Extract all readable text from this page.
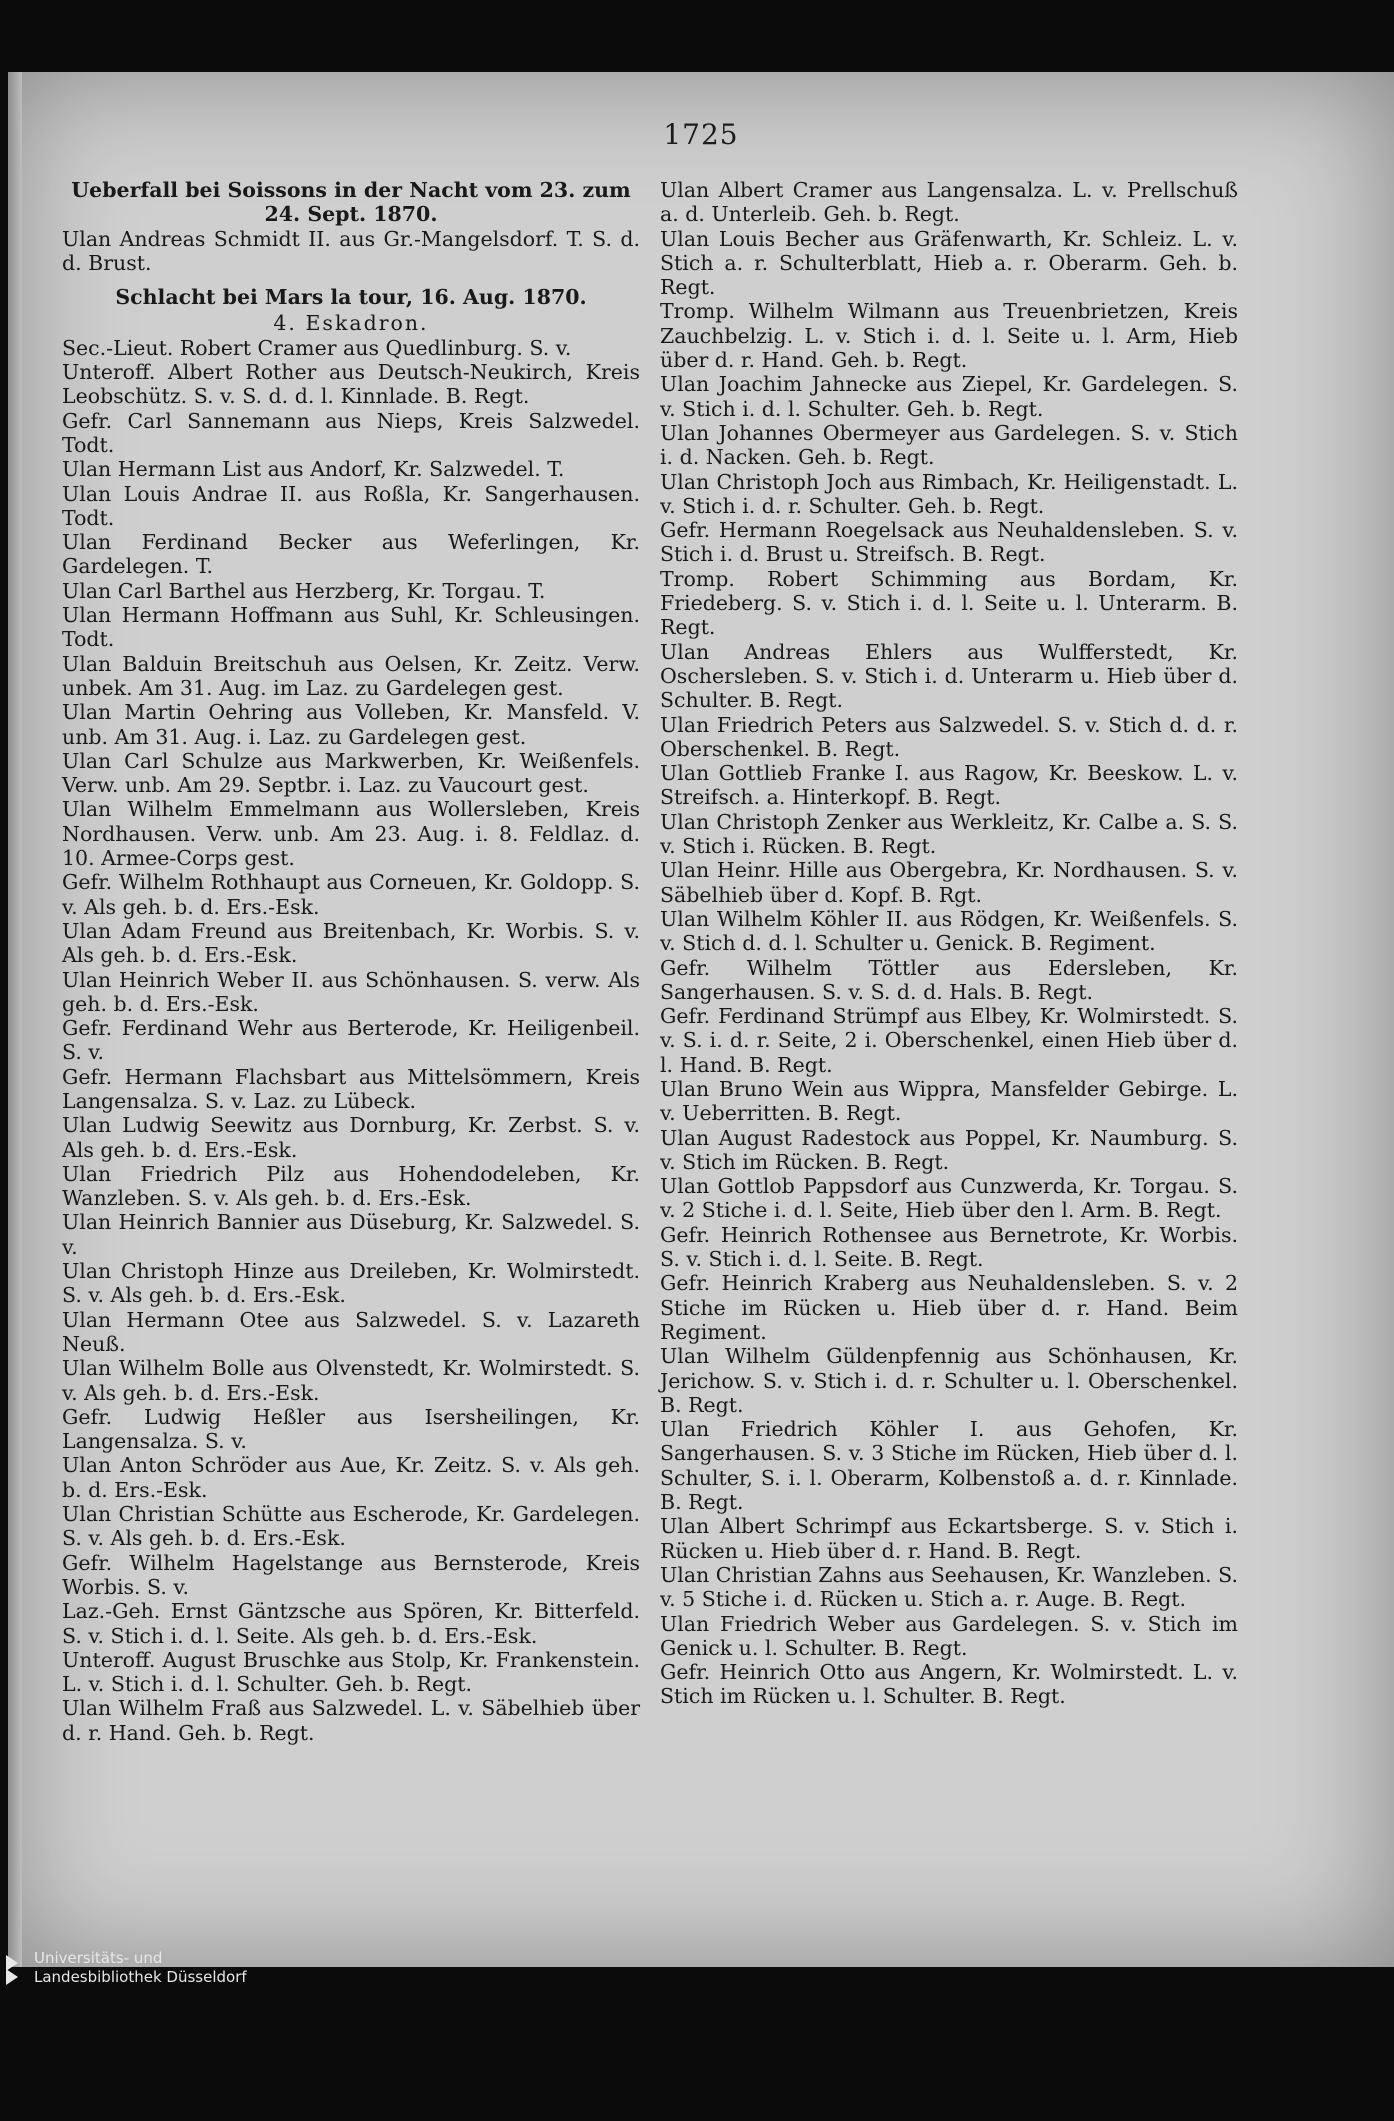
1725
Ueberfall bei Soissons in der Nacht vom 23. zum 24. Sept. 1870.
Ulan Andreas Schmidt II. aus Gr.-Mangelsdorf. T. S. d. d. Brust.
Schlacht bei Mars la tour, 16. Aug. 1870.
4. Eskadron.
Sec.-Lieut. Robert Cramer aus Quedlinburg. S. v.
Unteroff. Albert Rother aus Deutsch-Neukirch, Kreis Leobschütz. S. v. S. d. d. l. Kinnlade. B. Regt.
Gefr. Carl Sannemann aus Nieps, Kreis Salzwedel. Todt.
Ulan Hermann List aus Andorf, Kr. Salzwedel. T.
Ulan Louis Andrae II. aus Roßla, Kr. Sangerhausen. Todt.
Ulan Ferdinand Becker aus Weferlingen, Kr. Gardelegen. T.
Ulan Carl Barthel aus Herzberg, Kr. Torgau. T.
Ulan Hermann Hoffmann aus Suhl, Kr. Schleusingen. Todt.
Ulan Balduin Breitschuh aus Oelsen, Kr. Zeitz. Verw. unbek. Am 31. Aug. im Laz. zu Gardelegen gest.
Ulan Martin Oehring aus Volleben, Kr. Mansfeld. V. unb. Am 31. Aug. i. Laz. zu Gardelegen gest.
Ulan Carl Schulze aus Markwerben, Kr. Weißenfels. Verw. unb. Am 29. Septbr. i. Laz. zu Vaucourt gest.
Ulan Wilhelm Emmelmann aus Wollersleben, Kreis Nordhausen. Verw. unb. Am 23. Aug. i. 8. Feldlaz. d. 10. Armee-Corps gest.
Gefr. Wilhelm Rothhaupt aus Corneuen, Kr. Goldopp. S. v. Als geh. b. d. Ers.-Esk.
Ulan Adam Freund aus Breitenbach, Kr. Worbis. S. v. Als geh. b. d. Ers.-Esk.
Ulan Heinrich Weber II. aus Schönhausen. S. verw. Als geh. b. d. Ers.-Esk.
Gefr. Ferdinand Wehr aus Berterode, Kr. Heiligenbeil. S. v.
Gefr. Hermann Flachsbart aus Mittelsömmern, Kreis Langensalza. S. v. Laz. zu Lübeck.
Ulan Ludwig Seewitz aus Dornburg, Kr. Zerbst. S. v. Als geh. b. d. Ers.-Esk.
Ulan Friedrich Pilz aus Hohendodeleben, Kr. Wanzleben. S. v. Als geh. b. d. Ers.-Esk.
Ulan Heinrich Bannier aus Düseburg, Kr. Salzwedel. S. v.
Ulan Christoph Hinze aus Dreileben, Kr. Wolmirstedt. S. v. Als geh. b. d. Ers.-Esk.
Ulan Hermann Otee aus Salzwedel. S. v. Lazareth Neuß.
Ulan Wilhelm Bolle aus Olvenstedt, Kr. Wolmirstedt. S. v. Als geh. b. d. Ers.-Esk.
Gefr. Ludwig Heßler aus Isersheilingen, Kr. Langensalza. S. v.
Ulan Anton Schröder aus Aue, Kr. Zeitz. S. v. Als geh. b. d. Ers.-Esk.
Ulan Christian Schütte aus Escherode, Kr. Gardelegen. S. v. Als geh. b. d. Ers.-Esk.
Gefr. Wilhelm Hagelstange aus Bernsterode, Kreis Worbis. S. v.
Laz.-Geh. Ernst Gäntzsche aus Spören, Kr. Bitterfeld. S. v. Stich i. d. l. Seite. Als geh. b. d. Ers.-Esk.
Unteroff. August Bruschke aus Stolp, Kr. Frankenstein. L. v. Stich i. d. l. Schulter. Geh. b. Regt.
Ulan Wilhelm Fraß aus Salzwedel. L. v. Säbelhieb über d. r. Hand. Geh. b. Regt.
Ulan Albert Cramer aus Langensalza. L. v. Prellschuß a. d. Unterleib. Geh. b. Regt.
Ulan Louis Becher aus Gräfenwarth, Kr. Schleiz. L. v. Stich a. r. Schulterblatt, Hieb a. r. Oberarm. Geh. b. Regt.
Tromp. Wilhelm Wilmann aus Treuenbrietzen, Kreis Zauchbelzig. L. v. Stich i. d. l. Seite u. l. Arm, Hieb über d. r. Hand. Geh. b. Regt.
Ulan Joachim Jahnecke aus Ziepel, Kr. Gardelegen. S. v. Stich i. d. l. Schulter. Geh. b. Regt.
Ulan Johannes Obermeyer aus Gardelegen. S. v. Stich i. d. Nacken. Geh. b. Regt.
Ulan Christoph Joch aus Rimbach, Kr. Heiligenstadt. L. v. Stich i. d. r. Schulter. Geh. b. Regt.
Gefr. Hermann Roegelsack aus Neuhaldensleben. S. v. Stich i. d. Brust u. Streifsch. B. Regt.
Tromp. Robert Schimming aus Bordam, Kr. Friedeberg. S. v. Stich i. d. l. Seite u. l. Unterarm. B. Regt.
Ulan Andreas Ehlers aus Wulfferstedt, Kr. Oschersleben. S. v. Stich i. d. Unterarm u. Hieb über d. Schulter. B. Regt.
Ulan Friedrich Peters aus Salzwedel. S. v. Stich d. d. r. Oberschenkel. B. Regt.
Ulan Gottlieb Franke I. aus Ragow, Kr. Beeskow. L. v. Streifsch. a. Hinterkopf. B. Regt.
Ulan Christoph Zenker aus Werkleitz, Kr. Calbe a. S. S. v. Stich i. Rücken. B. Regt.
Ulan Heinr. Hille aus Obergebra, Kr. Nordhausen. S. v. Säbelhieb über d. Kopf. B. Rgt.
Ulan Wilhelm Köhler II. aus Rödgen, Kr. Weißenfels. S. v. Stich d. d. l. Schulter u. Genick. B. Regiment.
Gefr. Wilhelm Töttler aus Edersleben, Kr. Sangerhausen. S. v. S. d. d. Hals. B. Regt.
Gefr. Ferdinand Strümpf aus Elbey, Kr. Wolmirstedt. S. v. S. i. d. r. Seite, 2 i. Oberschenkel, einen Hieb über d. l. Hand. B. Regt.
Ulan Bruno Wein aus Wippra, Mansfelder Gebirge. L. v. Ueberritten. B. Regt.
Ulan August Radestock aus Poppel, Kr. Naumburg. S. v. Stich im Rücken. B. Regt.
Ulan Gottlob Pappsdorf aus Cunzwerda, Kr. Torgau. S. v. 2 Stiche i. d. l. Seite, Hieb über den l. Arm. B. Regt.
Gefr. Heinrich Rothensee aus Bernetrote, Kr. Worbis. S. v. Stich i. d. l. Seite. B. Regt.
Gefr. Heinrich Kraberg aus Neuhaldensleben. S. v. 2 Stiche im Rücken u. Hieb über d. r. Hand. Beim Regiment.
Ulan Wilhelm Güldenpfennig aus Schönhausen, Kr. Jerichow. S. v. Stich i. d. r. Schulter u. l. Oberschenkel. B. Regt.
Ulan Friedrich Köhler I. aus Gehofen, Kr. Sangerhausen. S. v. 3 Stiche im Rücken, Hieb über d. l. Schulter, S. i. l. Oberarm, Kolbenstoß a. d. r. Kinnlade. B. Regt.
Ulan Albert Schrimpf aus Eckartsberge. S. v. Stich i. Rücken u. Hieb über d. r. Hand. B. Regt.
Ulan Christian Zahns aus Seehausen, Kr. Wanzleben. S. v. 5 Stiche i. d. Rücken u. Stich a. r. Auge. B. Regt.
Ulan Friedrich Weber aus Gardelegen. S. v. Stich im Genick u. l. Schulter. B. Regt.
Gefr. Heinrich Otto aus Angern, Kr. Wolmirstedt. L. v. Stich im Rücken u. l. Schulter. B. Regt.
Universitäts- und
Landesbibliothek Düsseldorf
